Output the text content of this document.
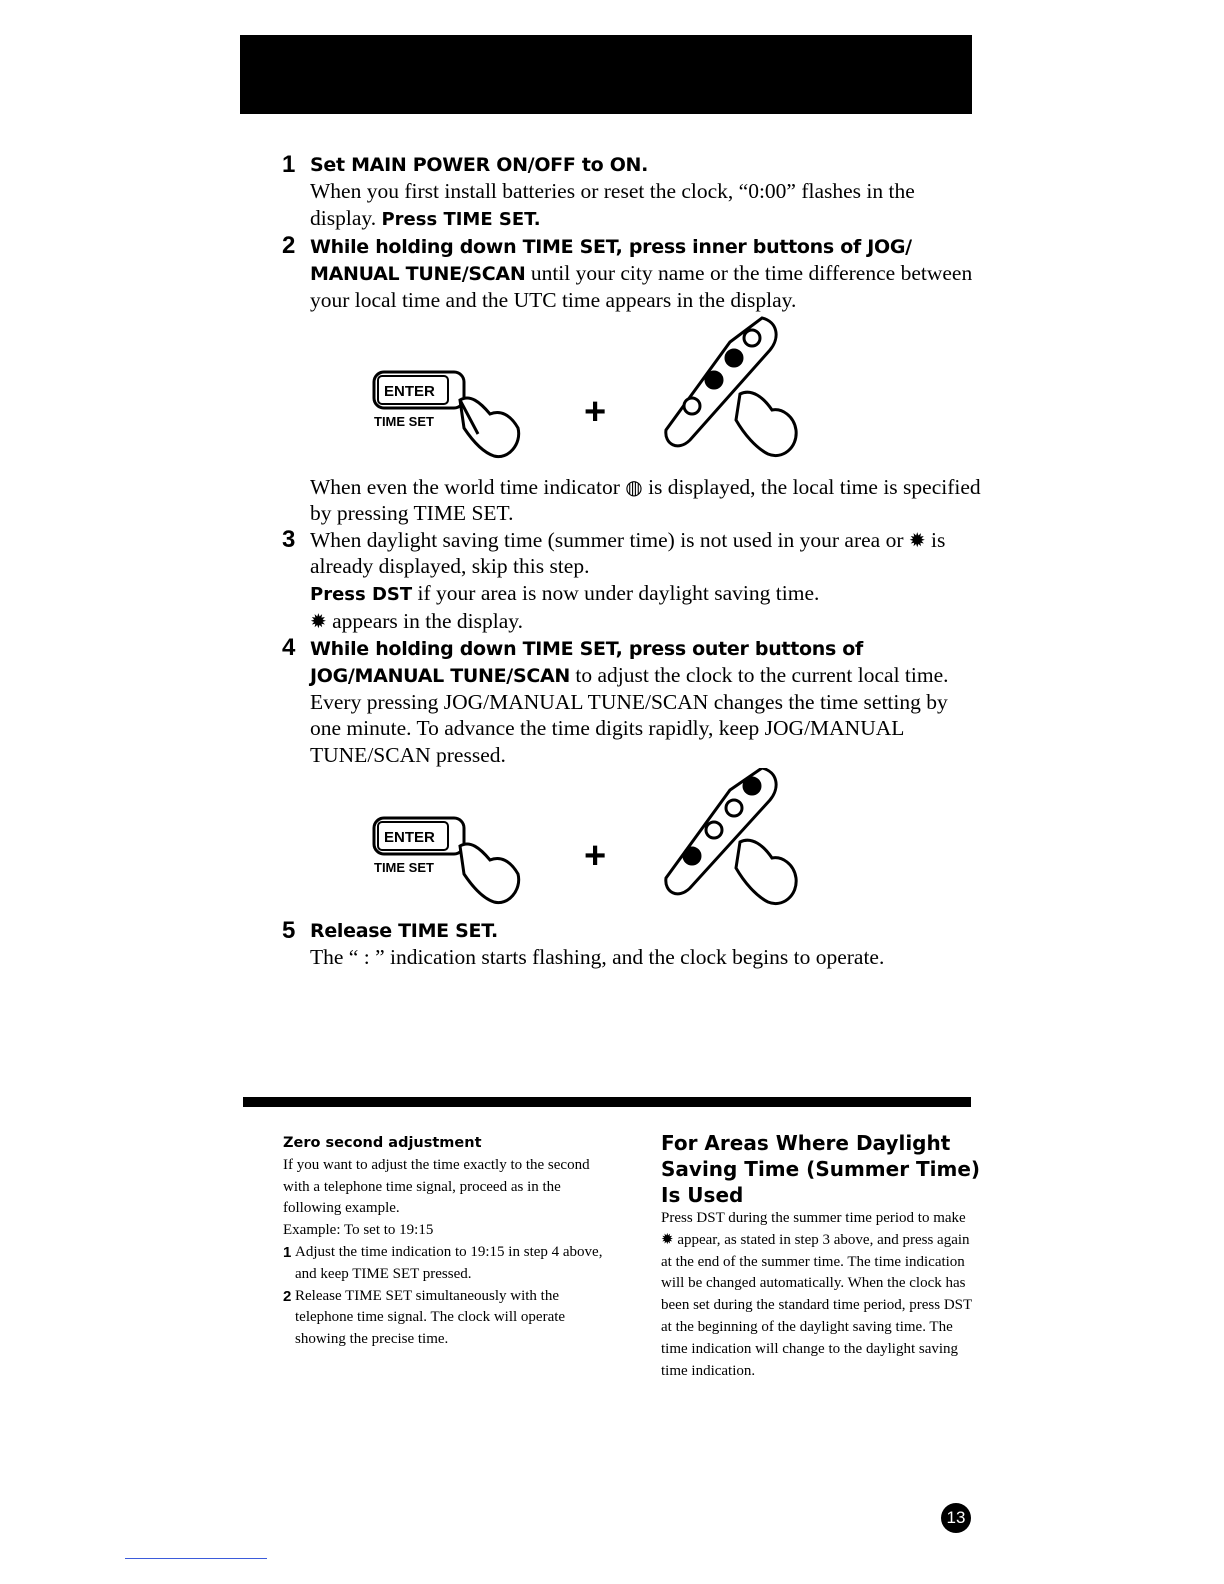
1 Set MAIN POWER ON/OFF to ON.
When you first install batteries or reset the clock, “0:00” flashes in the display. Press TIME SET.
2 While holding down TIME SET, press inner buttons of JOG/
MANUAL TUNE/SCAN until your city name or the time difference between your local time and the UTC time appears in the display.
ENTER
TIME SET	+
When even the world time indicator ◍ is displayed, the local time is specified by pressing TIME SET.
3 When daylight saving time (summer time) is not used in your area or ✹ is already displayed, skip this step.
Press DST if your area is now under daylight saving time.
✹ appears in the display.
4 While holding down TIME SET, press outer buttons of
JOG/MANUAL TUNE/SCAN to adjust the clock to the current local time. Every pressing JOG/MANUAL TUNE/SCAN changes the time setting by one minute. To advance the time digits rapidly, keep JOG/MANUAL TUNE/SCAN pressed.
ENTER
TIME SET	+
5 Release TIME SET.
The “ : ” indication starts flashing, and the clock begins to operate.
Zero second adjustment
If you want to adjust the time exactly to the second with a telephone time signal, proceed as in the following example.
Example: To set to 19:15
1 Adjust the time indication to 19:15 in step 4 above, and keep TIME SET pressed.
2 Release TIME SET simultaneously with the telephone time signal. The clock will operate showing the precise time.
For Areas Where Daylight Saving Time (Summer Time) Is Used
Press DST during the summer time period to make ✹ appear, as stated in step 3 above, and press again at the end of the summer time. The time indication will be changed automatically. When the clock has been set during the standard time period, press DST at the beginning of the daylight saving time. The time indication will change to the daylight saving time indication.
13
